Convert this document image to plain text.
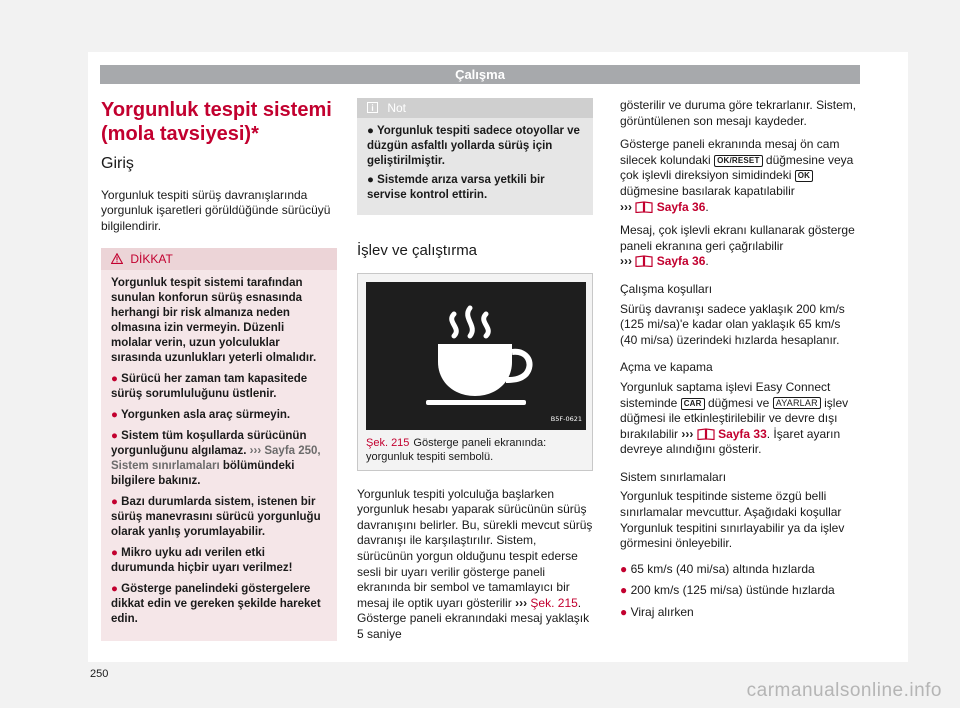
Çalışma
Yorgunluk tespit sistemi (mola tavsiyesi)*
Giriş

Yorgunluk tespiti sürüş davranışlarında yorgunluk işaretleri görüldüğünde sürücüyü bilgilendirir.

DİKKAT

Yorgunluk tespit sistemi tarafından sunulan konforun sürüş esnasında herhangi bir risk almanıza neden olmasına izin vermeyin. Düzenli molalar verin, uzun yolculuklar sırasında uzunlukları yeterli olmalıdır.

● Sürücü her zaman tam kapasitede sürüş sorumluluğunu üstlenir.
● Yorgunken asla araç sürmeyin.
● Sistem tüm koşullarda sürücünün yorgunluğunu algılamaz. ››› Sayfa 250, Sistem sınırlamaları bölümündeki bilgilere bakınız.
● Bazı durumlarda sistem, istenen bir sürüş manevrasını sürücü yorgunluğu olarak yanlış yorumlayabilir.
● Mikro uyku adı verilen etki durumunda hiçbir uyarı verilmez!
● Gösterge panelindeki göstergelere dikkat edin ve gereken şekilde hareket edin.
Not

● Yorgunluk tespiti sadece otoyollar ve düzgün asfaltlı yollarda sürüş için geliştirilmiştir.

● Sistemde arıza varsa yetkili bir servise kontrol ettirin.

İşlev ve çalıştırma
B5F-0621
Şek. 215 Gösterge paneli ekranında: yorgunluk tespiti sembolü.

Yorgunluk tespiti yolculuğa başlarken yorgunluk hesabı yaparak sürücünün sürüş davranışını belirler. Bu, sürekli mevcut sürüş davranışı ile karşılaştırılır. Sistem, sürücünün yorgun olduğunu tespit ederse sesli bir uyarı verilir gösterge paneli ekranında bir sembol ve tamamlayıcı bir mesaj ile optik uyarı gösterilir ››› Şek. 215. Gösterge paneli ekranındaki mesaj yaklaşık 5 saniye

gösterilir ve duruma göre tekrarlanır. Sistem, görüntülenen son mesajı kaydeder.

Gösterge paneli ekranında mesaj ön cam silecek kolundaki OK/RESET düğmesine veya çok işlevli direksiyon simidindeki OK düğmesine basılarak kapatılabilir
››› Sayfa 36.

Mesaj, çok işlevli ekranı kullanarak gösterge paneli ekranına geri çağrılabilir
››› Sayfa 36.

Çalışma koşulları

Sürüş davranışı sadece yaklaşık 200 km/s (125 mi/sa)'e kadar olan yaklaşık 65 km/s (40 mi/sa) üzerindeki hızlarda hesaplanır.

Açma ve kapama

Yorgunluk saptama işlevi Easy Connect sisteminde CAR düğmesi ve AYARLAR işlev düğmesi ile etkinleştirilebilir ve devre dışı bırakılabilir ››› Sayfa 33. İşaret ayarın devreye alındığını gösterir.

Sistem sınırlamaları

Yorgunluk tespitinde sisteme özgü belli sınırlamalar mevcuttur. Aşağıdaki koşullar Yorgunluk tespitini sınırlayabilir ya da işlev görmesini önleyebilir.

● 65 km/s (40 mi/sa) altında hızlarda
● 200 km/s (125 mi/sa) üstünde hızlarda
● Viraj alırken
250
carmanualsonline.info
